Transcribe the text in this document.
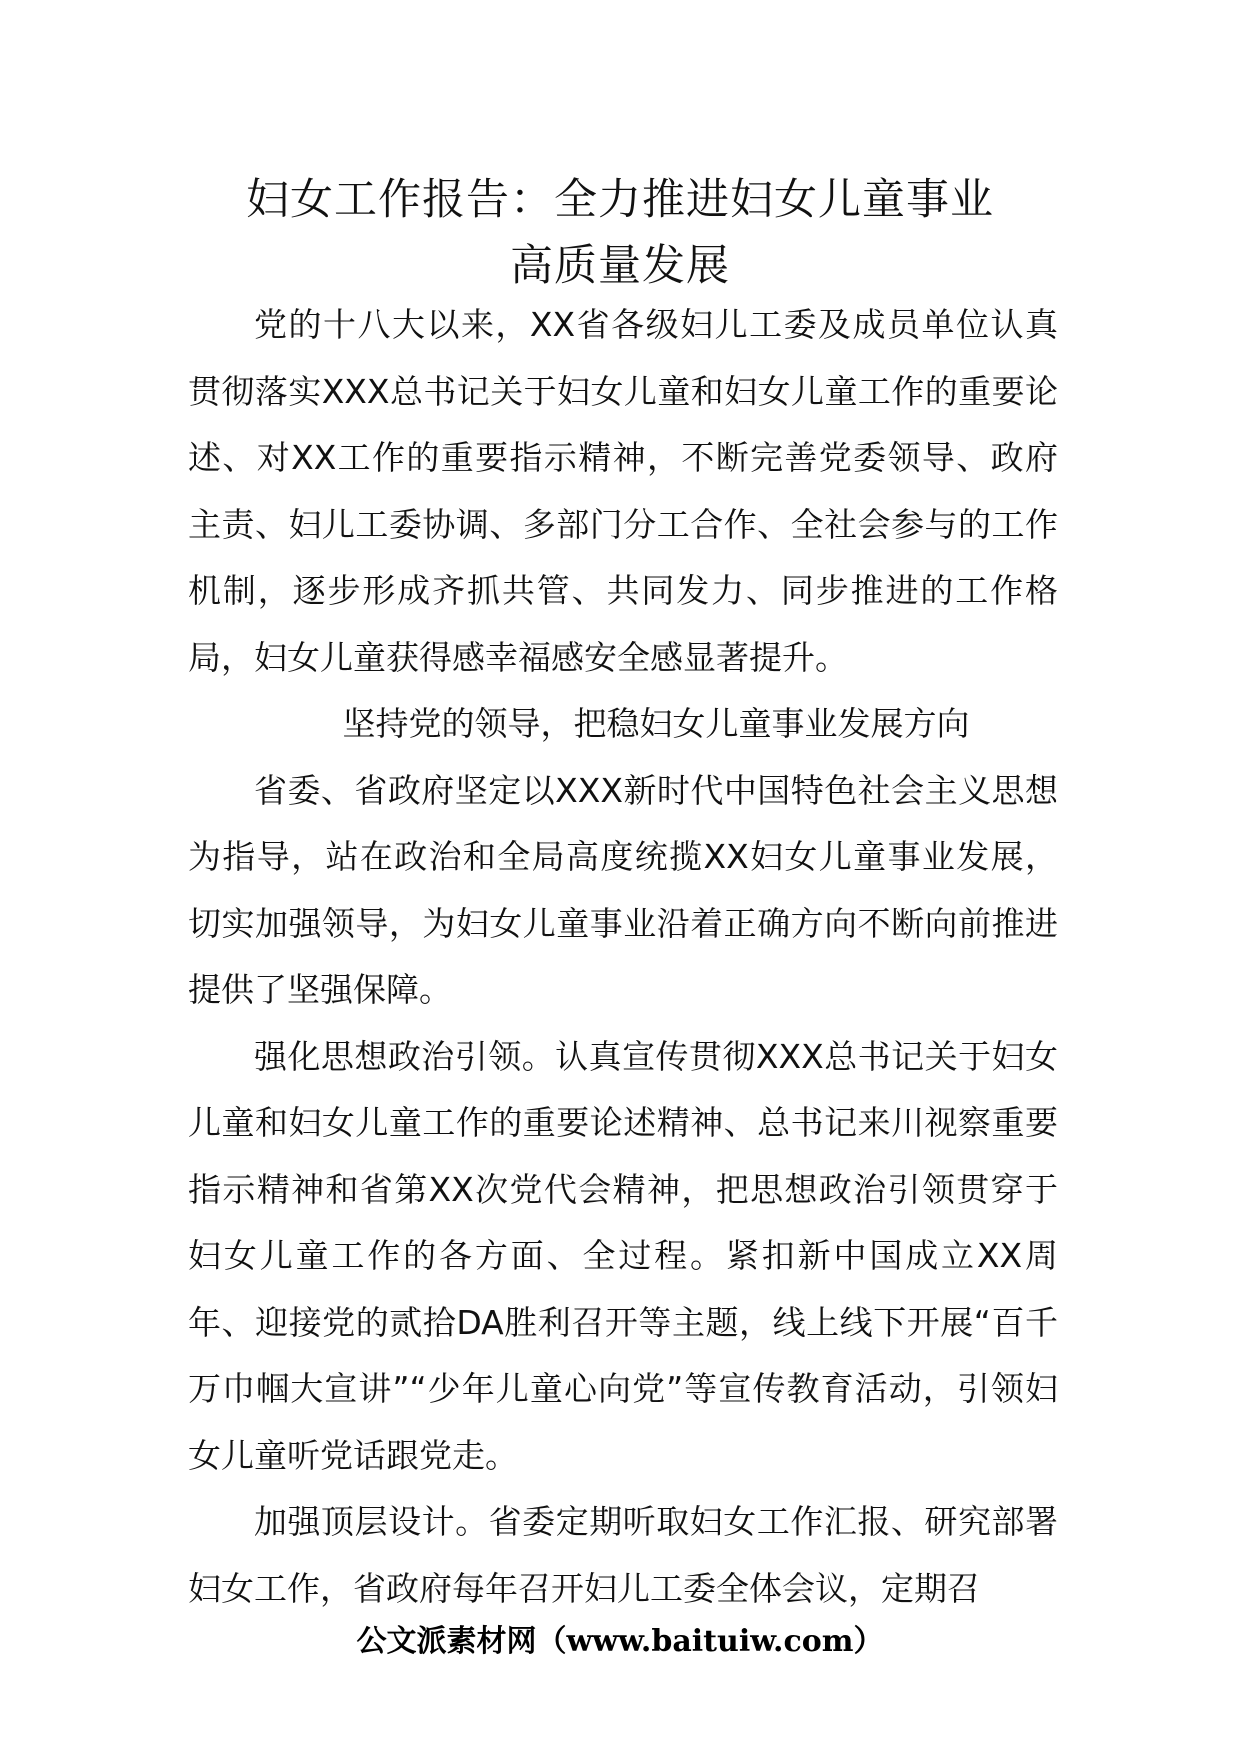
妇女工作报告：全力推进妇女儿童事业
高质量发展

党的十八大以来，XX省各级妇儿工委及成员单位认真贯彻落实XXX总书记关于妇女儿童和妇女儿童工作的重要论述、对XX工作的重要指示精神，不断完善党委领导、政府主责、妇儿工委协调、多部门分工合作、全社会参与的工作机制，逐步形成齐抓共管、共同发力、同步推进的工作格局，妇女儿童获得感幸福感安全感显著提升。

坚持党的领导，把稳妇女儿童事业发展方向

省委、省政府坚定以XXX新时代中国特色社会主义思想为指导，站在政治和全局高度统揽XX妇女儿童事业发展，切实加强领导，为妇女儿童事业沿着正确方向不断向前推进提供了坚强保障。

强化思想政治引领。认真宣传贯彻XXX总书记关于妇女儿童和妇女儿童工作的重要论述精神、总书记来川视察重要指示精神和省第XX次党代会精神，把思想政治引领贯穿于妇女儿童工作的各方面、全过程。紧扣新中国成立XX周年、迎接党的贰拾DA胜利召开等主题，线上线下开展“百千万巾帼大宣讲”“少年儿童心向党”等宣传教育活动，引领妇女儿童听党话跟党走。

加强顶层设计。省委定期听取妇女工作汇报、研究部署妇女工作，省政府每年召开妇儿工委全体会议，定期召

公文派素材网（www.baituiw.com）
